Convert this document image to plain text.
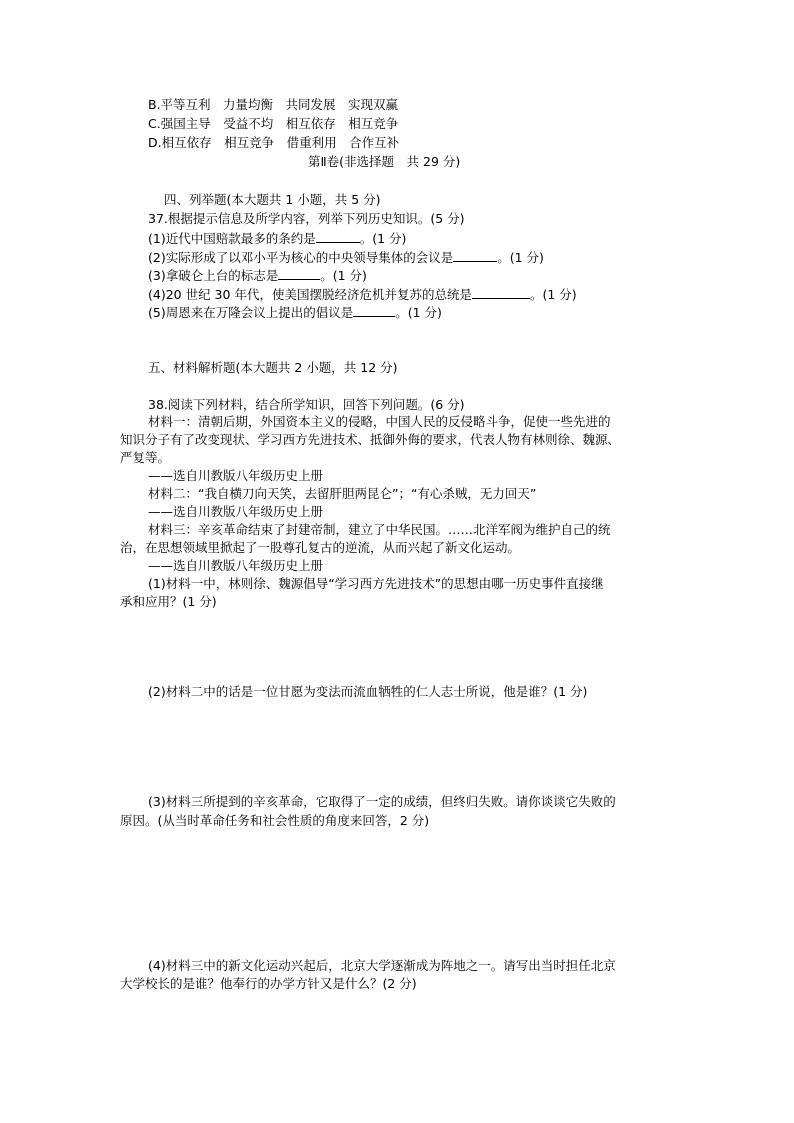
B.平等互利　力量均衡　共同发展　实现双赢
C.强国主导　受益不均　相互依存　相互竞争
D.相互依存　相互竞争　借重利用　合作互补
第Ⅱ卷(非选择题　共 29 分)
四、列举题(本大题共 1 小题，共 5 分)
37.根据提示信息及所学内容，列举下列历史知识。(5 分)
(1)近代中国赔款最多的条约是	。(1 分)
(2)实际形成了以邓小平为核心的中央领导集体的会议是	。(1 分)
(3)拿破仑上台的标志是	。(1 分)
(4)20 世纪 30 年代，使美国摆脱经济危机并复苏的总统是	。(1 分)
(5)周恩来在万隆会议上提出的倡议是	。(1 分)
五、材料解析题(本大题共 2 小题，共 12 分)
38.阅读下列材料，结合所学知识，回答下列问题。(6 分)
材料一：清朝后期，外国资本主义的侵略，中国人民的反侵略斗争，促使一些先进的
知识分子有了改变现状、学习西方先进技术、抵御外侮的要求，代表人物有林则徐、魏源、
严复等。
——选自川教版八年级历史上册
材料二：“我自横刀向天笑，去留肝胆两昆仑”；“有心杀贼，无力回天”
——选自川教版八年级历史上册
材料三：辛亥革命结束了封建帝制，建立了中华民国。……北洋军阀为维护自己的统
治，在思想领域里掀起了一股尊孔复古的逆流，从而兴起了新文化运动。
——选自川教版八年级历史上册
(1)材料一中，林则徐、魏源倡导“学习西方先进技术”的思想由哪一历史事件直接继
承和应用？(1 分)
(2)材料二中的话是一位甘愿为变法而流血牺牲的仁人志士所说，他是谁？(1 分)
(3)材料三所提到的辛亥革命，它取得了一定的成绩，但终归失败。请你谈谈它失败的
原因。(从当时革命任务和社会性质的角度来回答，2 分)
(4)材料三中的新文化运动兴起后，北京大学逐渐成为阵地之一。请写出当时担任北京
大学校长的是谁？他奉行的办学方针又是什么？(2 分)
